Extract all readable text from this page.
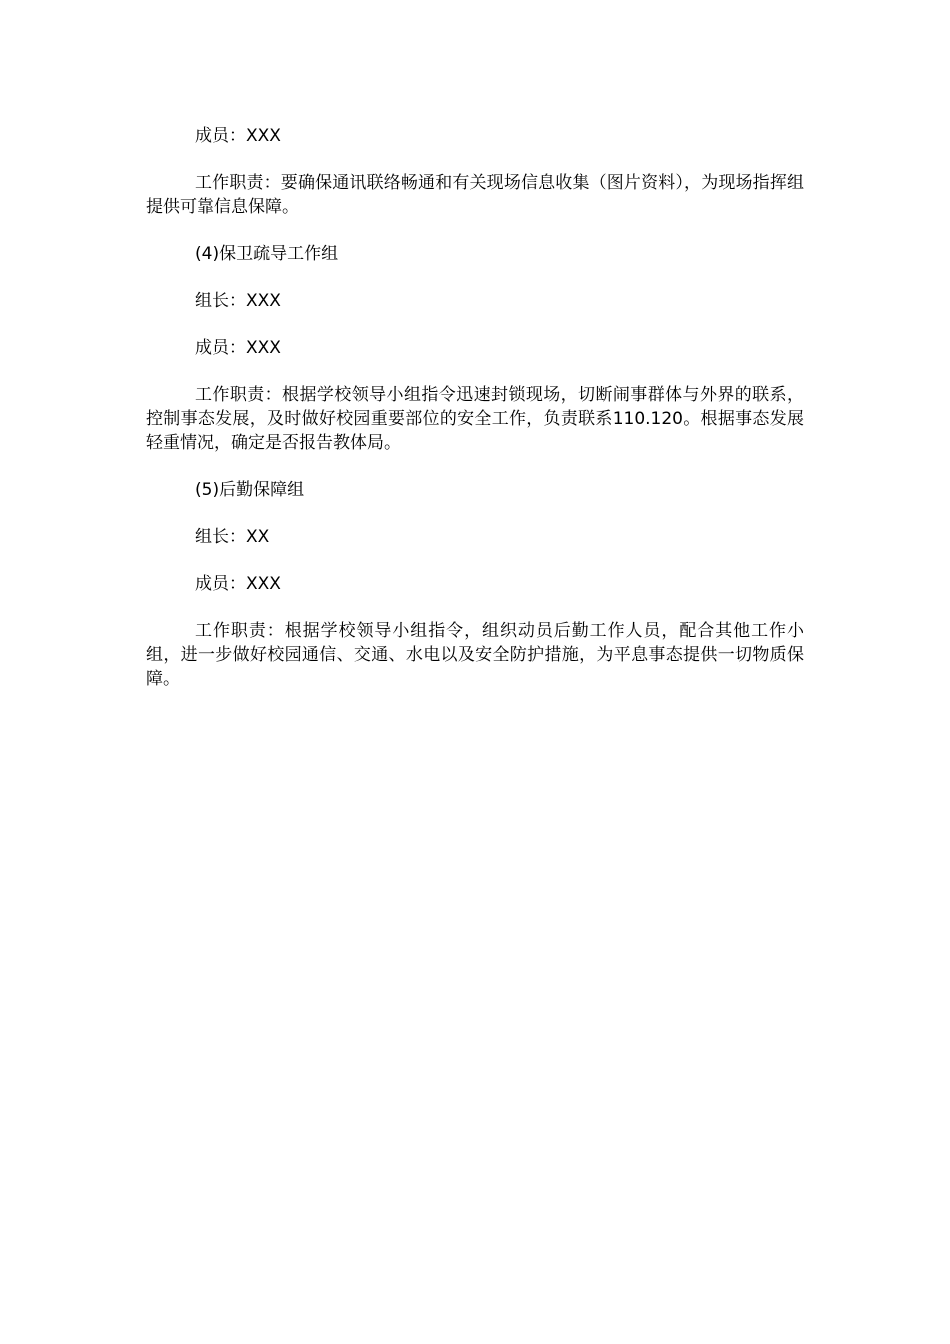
成员：XXX

工作职责：要确保通讯联络畅通和有关现场信息收集（图片资料），为现场指挥组提供可靠信息保障。

(4)保卫疏导工作组

组长：XXX

成员：XXX

工作职责：根据学校领导小组指令迅速封锁现场，切断闹事群体与外界的联系，控制事态发展，及时做好校园重要部位的安全工作，负责联系110.120。根据事态发展轻重情况，确定是否报告教体局。

(5)后勤保障组

组长：XX

成员：XXX

工作职责：根据学校领导小组指令，组织动员后勤工作人员，配合其他工作小组，进一步做好校园通信、交通、水电以及安全防护措施，为平息事态提供一切物质保障。
